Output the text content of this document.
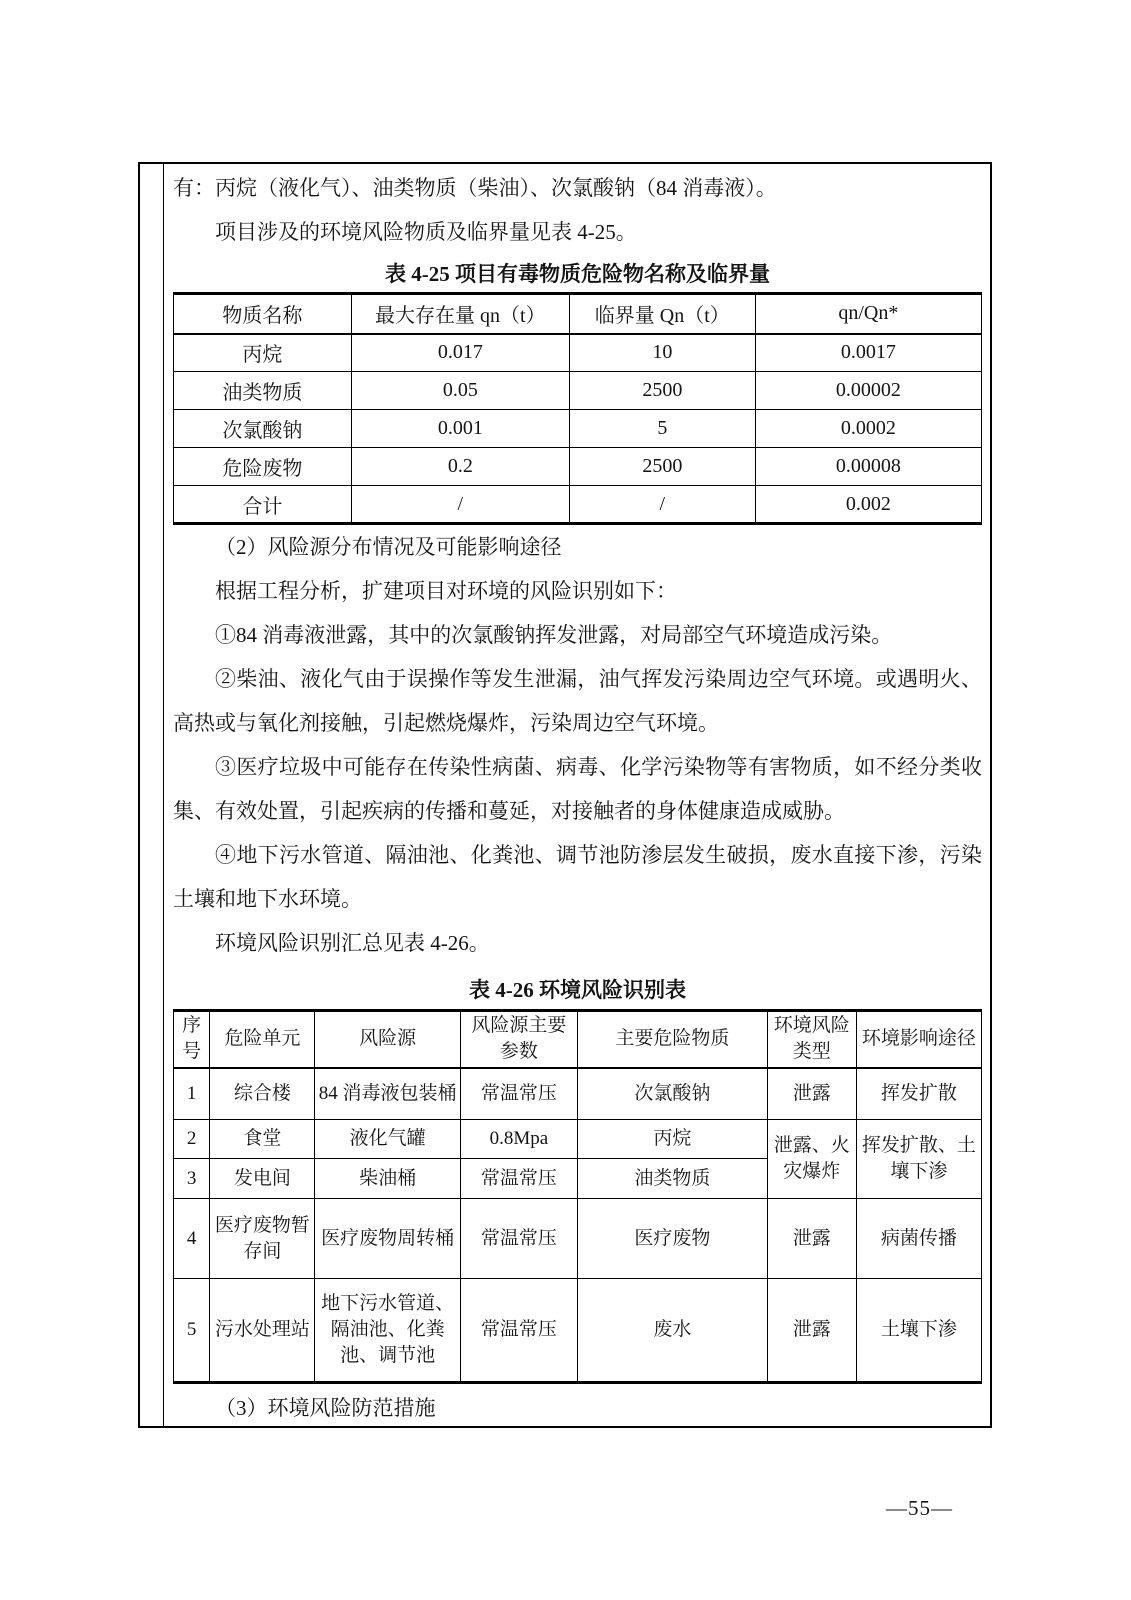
有：丙烷（液化气）、油类物质（柴油）、次氯酸钠（84 消毒液）。

项目涉及的环境风险物质及临界量见表 4-25。

表 4-25 项目有毒物质危险物名称及临界量
物质名称	最大存在量 qn（t）	临界量 Qn（t）	qn/Qn*
丙烷	0.017	10	0.0017
油类物质	0.05	2500	0.00002
次氯酸钠	0.001	5	0.0002
危险废物	0.2	2500	0.00008
合计	/	/	0.002

（2）风险源分布情况及可能影响途径

根据工程分析，扩建项目对环境的风险识别如下：

①84 消毒液泄露，其中的次氯酸钠挥发泄露，对局部空气环境造成污染。

②柴油、液化气由于误操作等发生泄漏，油气挥发污染周边空气环境。或遇明火、高热或与氧化剂接触，引起燃烧爆炸，污染周边空气环境。

③医疗垃圾中可能存在传染性病菌、病毒、化学污染物等有害物质，如不经分类收集、有效处置，引起疾病的传播和蔓延，对接触者的身体健康造成威胁。

④地下污水管道、隔油池、化粪池、调节池防渗层发生破损，废水直接下渗，污染土壤和地下水环境。

环境风险识别汇总见表 4-26。

表 4-26 环境风险识别表
序号	危险单元	风险源	风险源主要参数	主要危险物质	环境风险类型	环境影响途径
1	综合楼	84 消毒液包装桶	常温常压	次氯酸钠	泄露	挥发扩散
2	食堂	液化气罐	0.8Mpa	丙烷	泄露、火灾爆炸	挥发扩散、土壤下渗
3	发电间	柴油桶	常温常压	油类物质		
4	医疗废物暂存间	医疗废物周转桶	常温常压	医疗废物	泄露	病菌传播
5	污水处理站	地下污水管道、隔油池、化粪池、调节池	常温常压	废水	泄露	土壤下渗

（3）环境风险防范措施

—55—
